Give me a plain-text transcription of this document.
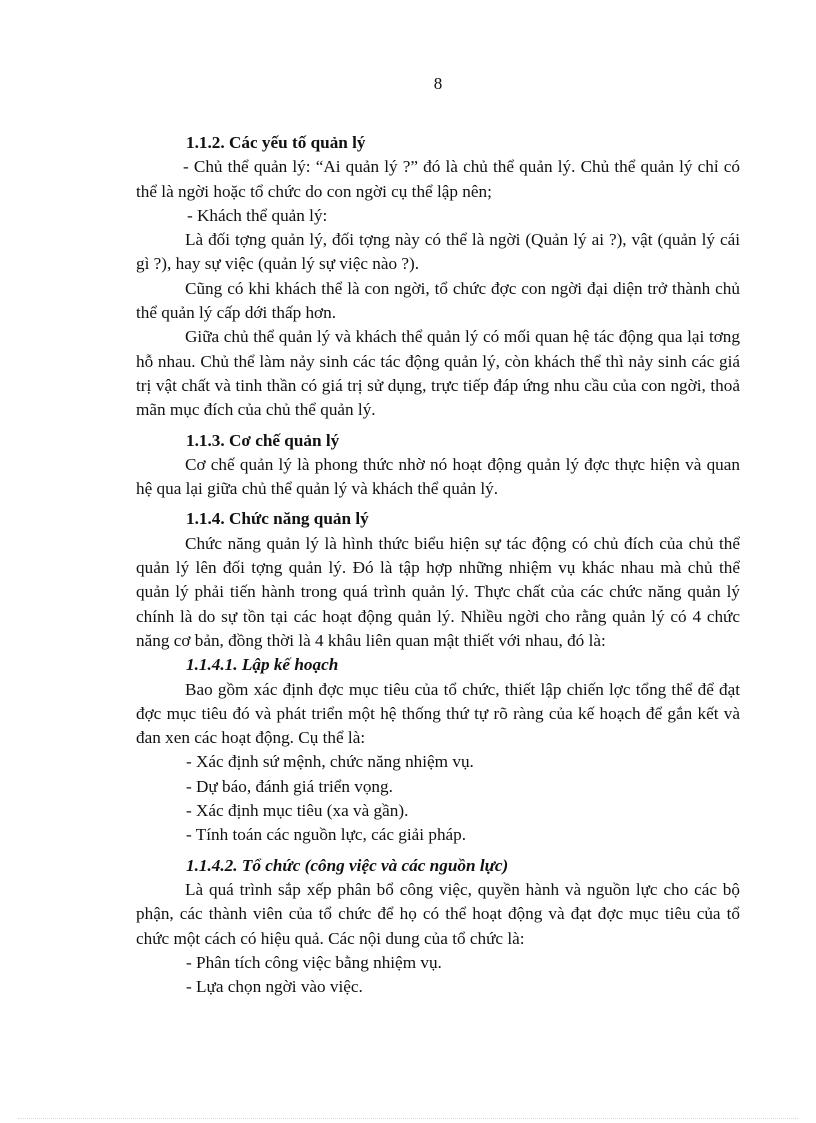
8

1.1.2. Các yếu tố quản lý

- Chủ thể quản lý: “Ai quản lý ?” đó là chủ thể quản lý. Chủ thể quản lý chỉ có thể là ngời hoặc tổ chức do con ngời cụ thể lập nên;

- Khách thể quản lý:

Là đối tợng quản lý, đối tợng này có thể là ngời (Quản lý ai ?), vật (quản lý cái gì ?), hay sự việc (quản lý sự việc nào ?).

Cũng có khi khách thể là con ngời, tổ chức đợc con ngời đại diện trở thành chủ thể quản lý cấp dới thấp hơn.

Giữa chủ thể quản lý và khách thể quản lý có mối quan hệ tác động qua lại tơng hỗ nhau. Chủ thể làm nảy sinh các tác động quản lý, còn khách thể thì nảy sinh các giá trị vật chất và tinh thần có giá trị sử dụng, trực tiếp đáp ứng nhu cầu của con ngời, thoả mãn mục đích của chủ thể quản lý.

1.1.3. Cơ chế quản lý

Cơ chế quản lý là phong thức nhờ nó hoạt động quản lý đợc thực hiện và quan hệ qua lại giữa chủ thể quản lý và khách thể quản lý.

1.1.4. Chức năng quản lý

Chức năng quản lý là hình thức biểu hiện sự tác động có chủ đích của chủ thể quản lý lên đối tợng quản lý. Đó là tập hợp những nhiệm vụ khác nhau mà chủ thể quản lý phải tiến hành trong quá trình quản lý. Thực chất của các chức năng quản lý chính là do sự tồn tại các hoạt động quản lý. Nhiều ngời cho rằng quản lý có 4 chức năng cơ bản, đồng thời là 4 khâu liên quan mật thiết với nhau, đó là:

1.1.4.1. Lập kế hoạch

Bao gồm xác định đợc mục tiêu của tổ chức, thiết lập chiến lợc tổng thể để đạt đợc mục tiêu đó và phát triển một hệ thống thứ tự rõ ràng của kế hoạch để gắn kết và đan xen các hoạt động. Cụ thể là:

- Xác định sứ mệnh, chức năng nhiệm vụ.

- Dự báo, đánh giá triển vọng.

- Xác định mục tiêu (xa và gần).

- Tính toán các nguồn lực, các giải pháp.

1.1.4.2. Tổ chức (công việc và các nguồn lực)

Là quá trình sắp xếp phân bổ công việc, quyền hành và nguồn lực cho các bộ phận, các thành viên của tổ chức để họ có thể hoạt động và đạt đợc mục tiêu của tổ chức một cách có hiệu quả. Các nội dung của tổ chức là:

- Phân tích công việc bằng nhiệm vụ.

- Lựa chọn ngời vào việc.
